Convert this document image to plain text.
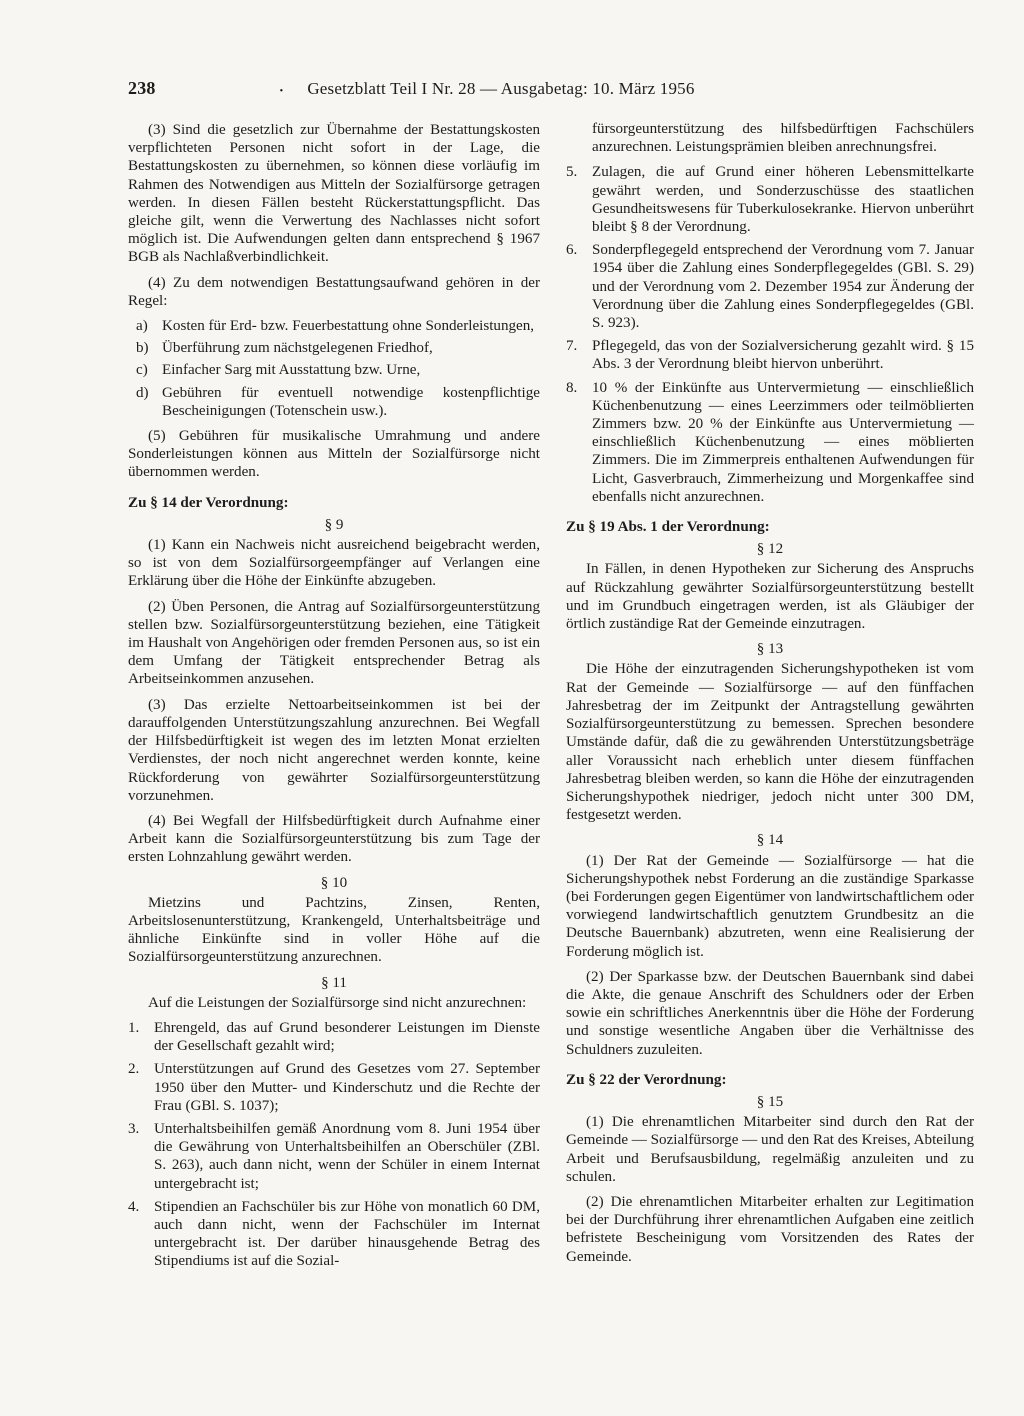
238	• Gesetzblatt Teil I Nr. 28 — Ausgabetag: 10. März 1956

(3) Sind die gesetzlich zur Übernahme der Bestattungskosten verpflichteten Personen nicht sofort in der Lage, die Bestattungskosten zu übernehmen, so können diese vorläufig im Rahmen des Notwendigen aus Mitteln der Sozialfürsorge getragen werden. In diesen Fällen besteht Rückerstattungspflicht. Das gleiche gilt, wenn die Verwertung des Nachlasses nicht sofort möglich ist. Die Aufwendungen gelten dann entsprechend § 1967 BGB als Nachlaßverbindlichkeit.

(4) Zu dem notwendigen Bestattungsaufwand gehören in der Regel:

a) Kosten für Erd- bzw. Feuerbestattung ohne Sonderleistungen,
b) Überführung zum nächstgelegenen Friedhof,
c) Einfacher Sarg mit Ausstattung bzw. Urne,
d) Gebühren für eventuell notwendige kostenpflichtige Bescheinigungen (Totenschein usw.).

(5) Gebühren für musikalische Umrahmung und andere Sonderleistungen können aus Mitteln der Sozialfürsorge nicht übernommen werden.

Zu § 14 der Verordnung:

§ 9

(1) Kann ein Nachweis nicht ausreichend beigebracht werden, so ist von dem Sozialfürsorgeempfänger auf Verlangen eine Erklärung über die Höhe der Einkünfte abzugeben.

(2) Üben Personen, die Antrag auf Sozialfürsorgeunterstützung stellen bzw. Sozialfürsorgeunterstützung beziehen, eine Tätigkeit im Haushalt von Angehörigen oder fremden Personen aus, so ist ein dem Umfang der Tätigkeit entsprechender Betrag als Arbeitseinkommen anzusehen.

(3) Das erzielte Nettoarbeitseinkommen ist bei der darauffolgenden Unterstützungszahlung anzurechnen. Bei Wegfall der Hilfsbedürftigkeit ist wegen des im letzten Monat erzielten Verdienstes, der noch nicht angerechnet werden konnte, keine Rückforderung von gewährter Sozialfürsorgeunterstützung vorzunehmen.

(4) Bei Wegfall der Hilfsbedürftigkeit durch Aufnahme einer Arbeit kann die Sozialfürsorgeunterstützung bis zum Tage der ersten Lohnzahlung gewährt werden.

§ 10

Mietzins und Pachtzins, Zinsen, Renten, Arbeitslosenunterstützung, Krankengeld, Unterhaltsbeiträge und ähnliche Einkünfte sind in voller Höhe auf die Sozialfürsorgeunterstützung anzurechnen.

§ 11

Auf die Leistungen der Sozialfürsorge sind nicht anzurechnen:

1. Ehrengeld, das auf Grund besonderer Leistungen im Dienste der Gesellschaft gezahlt wird;
2. Unterstützungen auf Grund des Gesetzes vom 27. September 1950 über den Mutter- und Kinderschutz und die Rechte der Frau (GBl. S. 1037);
3. Unterhaltsbeihilfen gemäß Anordnung vom 8. Juni 1954 über die Gewährung von Unterhaltsbeihilfen an Oberschüler (ZBl. S. 263), auch dann nicht, wenn der Schüler in einem Internat untergebracht ist;
4. Stipendien an Fachschüler bis zur Höhe von monatlich 60 DM, auch dann nicht, wenn der Fachschüler im Internat untergebracht ist. Der darüber hinausgehende Betrag des Stipendiums ist auf die Sozial-

fürsorgeunterstützung des hilfsbedürftigen Fachschülers anzurechnen. Leistungsprämien bleiben anrechnungsfrei.

5. Zulagen, die auf Grund einer höheren Lebensmittelkarte gewährt werden, und Sonderzuschüsse des staatlichen Gesundheitswesens für Tuberkulosekranke. Hiervon unberührt bleibt § 8 der Verordnung.
6. Sonderpflegegeld entsprechend der Verordnung vom 7. Januar 1954 über die Zahlung eines Sonderpflegegeldes (GBl. S. 29) und der Verordnung vom 2. Dezember 1954 zur Änderung der Verordnung über die Zahlung eines Sonderpflegegeldes (GBl. S. 923).
7. Pflegegeld, das von der Sozialversicherung gezahlt wird. § 15 Abs. 3 der Verordnung bleibt hiervon unberührt.
8. 10 % der Einkünfte aus Untervermietung — einschließlich Küchenbenutzung — eines Leerzimmers oder teilmöblierten Zimmers bzw. 20 % der Einkünfte aus Untervermietung — einschließlich Küchenbenutzung — eines möblierten Zimmers. Die im Zimmerpreis enthaltenen Aufwendungen für Licht, Gasverbrauch, Zimmerheizung und Morgenkaffee sind ebenfalls nicht anzurechnen.

Zu § 19 Abs. 1 der Verordnung:

§ 12

In Fällen, in denen Hypotheken zur Sicherung des Anspruchs auf Rückzahlung gewährter Sozialfürsorgeunterstützung bestellt und im Grundbuch eingetragen werden, ist als Gläubiger der örtlich zuständige Rat der Gemeinde einzutragen.

§ 13

Die Höhe der einzutragenden Sicherungshypotheken ist vom Rat der Gemeinde — Sozialfürsorge — auf den fünffachen Jahresbetrag der im Zeitpunkt der Antragstellung gewährten Sozialfürsorgeunterstützung zu bemessen. Sprechen besondere Umstände dafür, daß die zu gewährenden Unterstützungsbeträge aller Voraussicht nach erheblich unter diesem fünffachen Jahresbetrag bleiben werden, so kann die Höhe der einzutragenden Sicherungshypothek niedriger, jedoch nicht unter 300 DM, festgesetzt werden.

§ 14

(1) Der Rat der Gemeinde — Sozialfürsorge — hat die Sicherungshypothek nebst Forderung an die zuständige Sparkasse (bei Forderungen gegen Eigentümer von landwirtschaftlichem oder vorwiegend landwirtschaftlich genutztem Grundbesitz an die Deutsche Bauernbank) abzutreten, wenn eine Realisierung der Forderung möglich ist.

(2) Der Sparkasse bzw. der Deutschen Bauernbank sind dabei die Akte, die genaue Anschrift des Schuldners oder der Erben sowie ein schriftliches Anerkenntnis über die Höhe der Forderung und sonstige wesentliche Angaben über die Verhältnisse des Schuldners zuzuleiten.

Zu § 22 der Verordnung:

§ 15

(1) Die ehrenamtlichen Mitarbeiter sind durch den Rat der Gemeinde — Sozialfürsorge — und den Rat des Kreises, Abteilung Arbeit und Berufsausbildung, regelmäßig anzuleiten und zu schulen.

(2) Die ehrenamtlichen Mitarbeiter erhalten zur Legitimation bei der Durchführung ihrer ehrenamtlichen Aufgaben eine zeitlich befristete Bescheinigung vom Vorsitzenden des Rates der Gemeinde.
